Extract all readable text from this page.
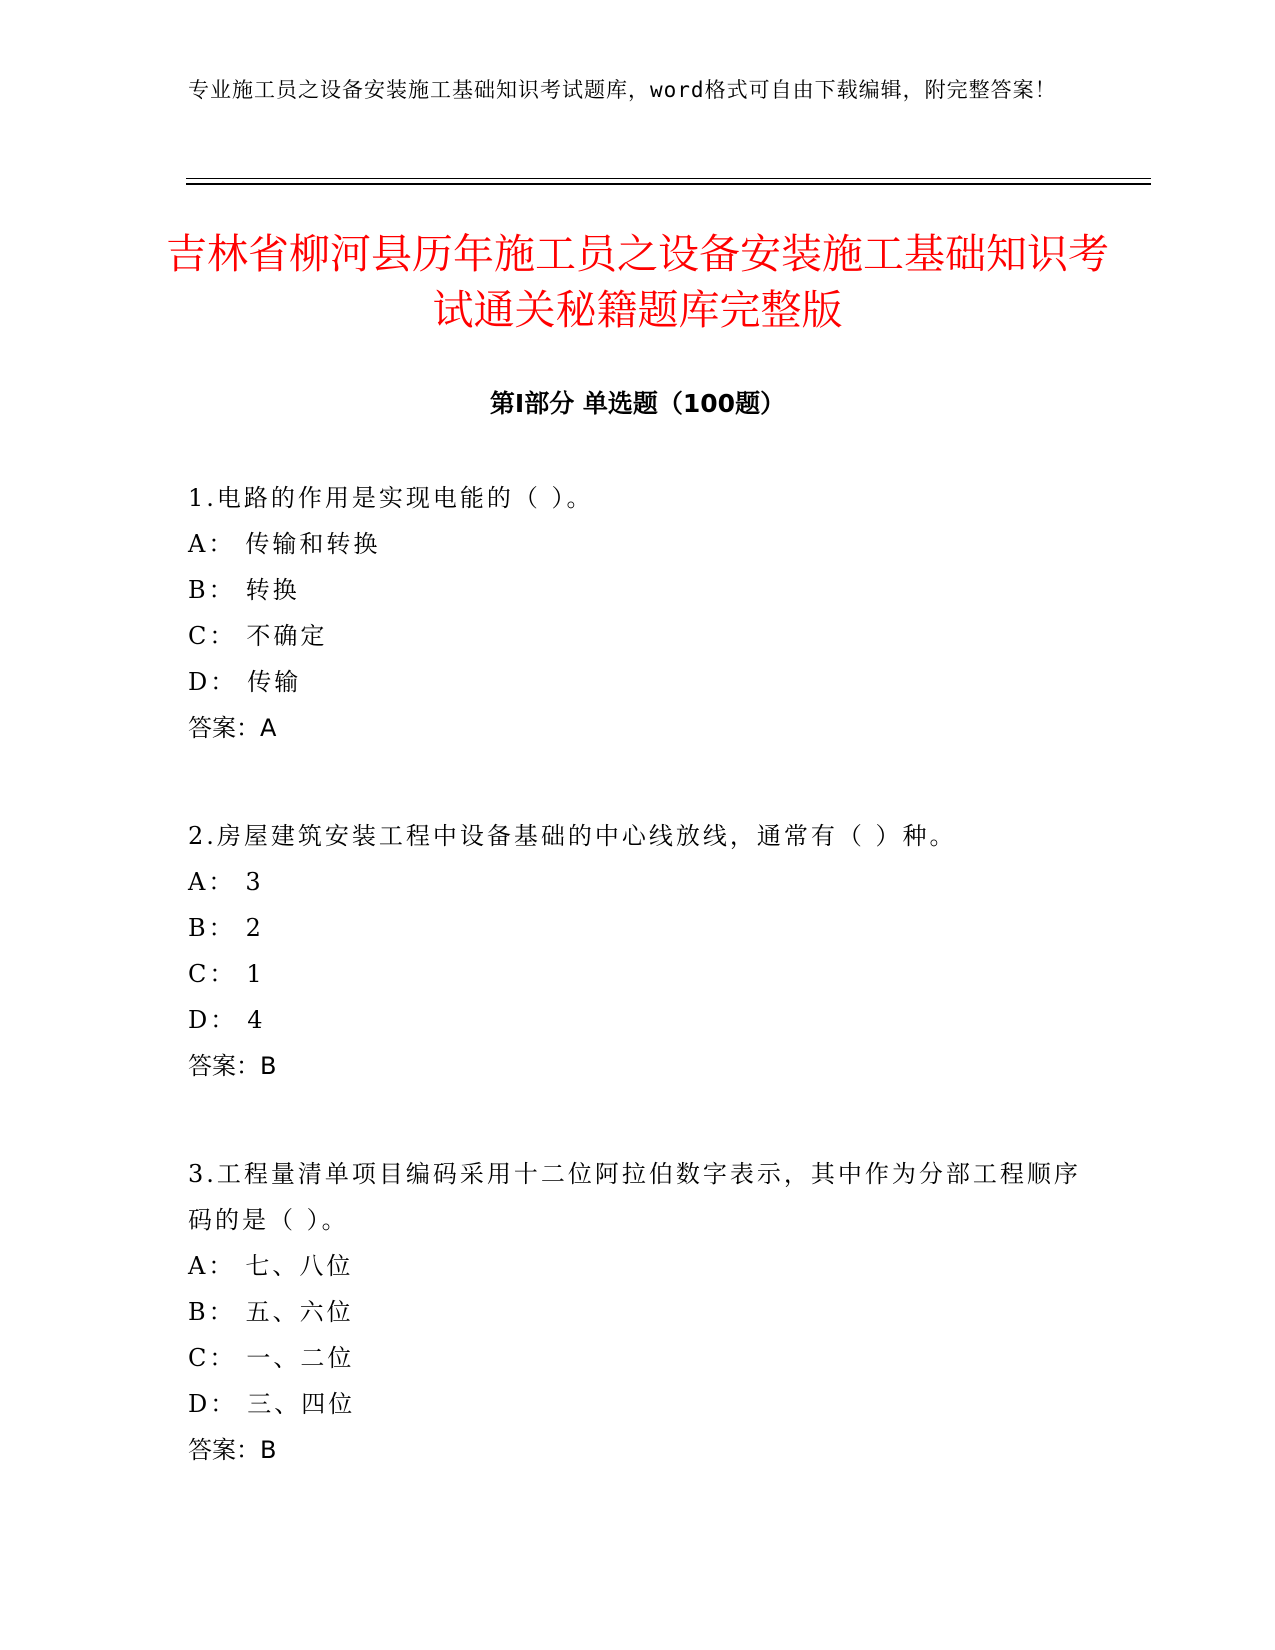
专业施工员之设备安装施工基础知识考试题库，word格式可自由下载编辑，附完整答案！
吉林省柳河县历年施工员之设备安装施工基础知识考试通关秘籍题库完整版
第Ⅰ部分 单选题（100题）

1.电路的作用是实现电能的（ ）。

A： 传输和转换

B： 转换

C： 不确定

D： 传输

答案：A

2.房屋建筑安装工程中设备基础的中心线放线，通常有（ ）种。

A： 3

B： 2

C： 1

D： 4

答案：B

3.工程量清单项目编码采用十二位阿拉伯数字表示，其中作为分部工程顺序码的是（ ）。

A： 七、八位

B： 五、六位

C： 一、二位

D： 三、四位

答案：B
